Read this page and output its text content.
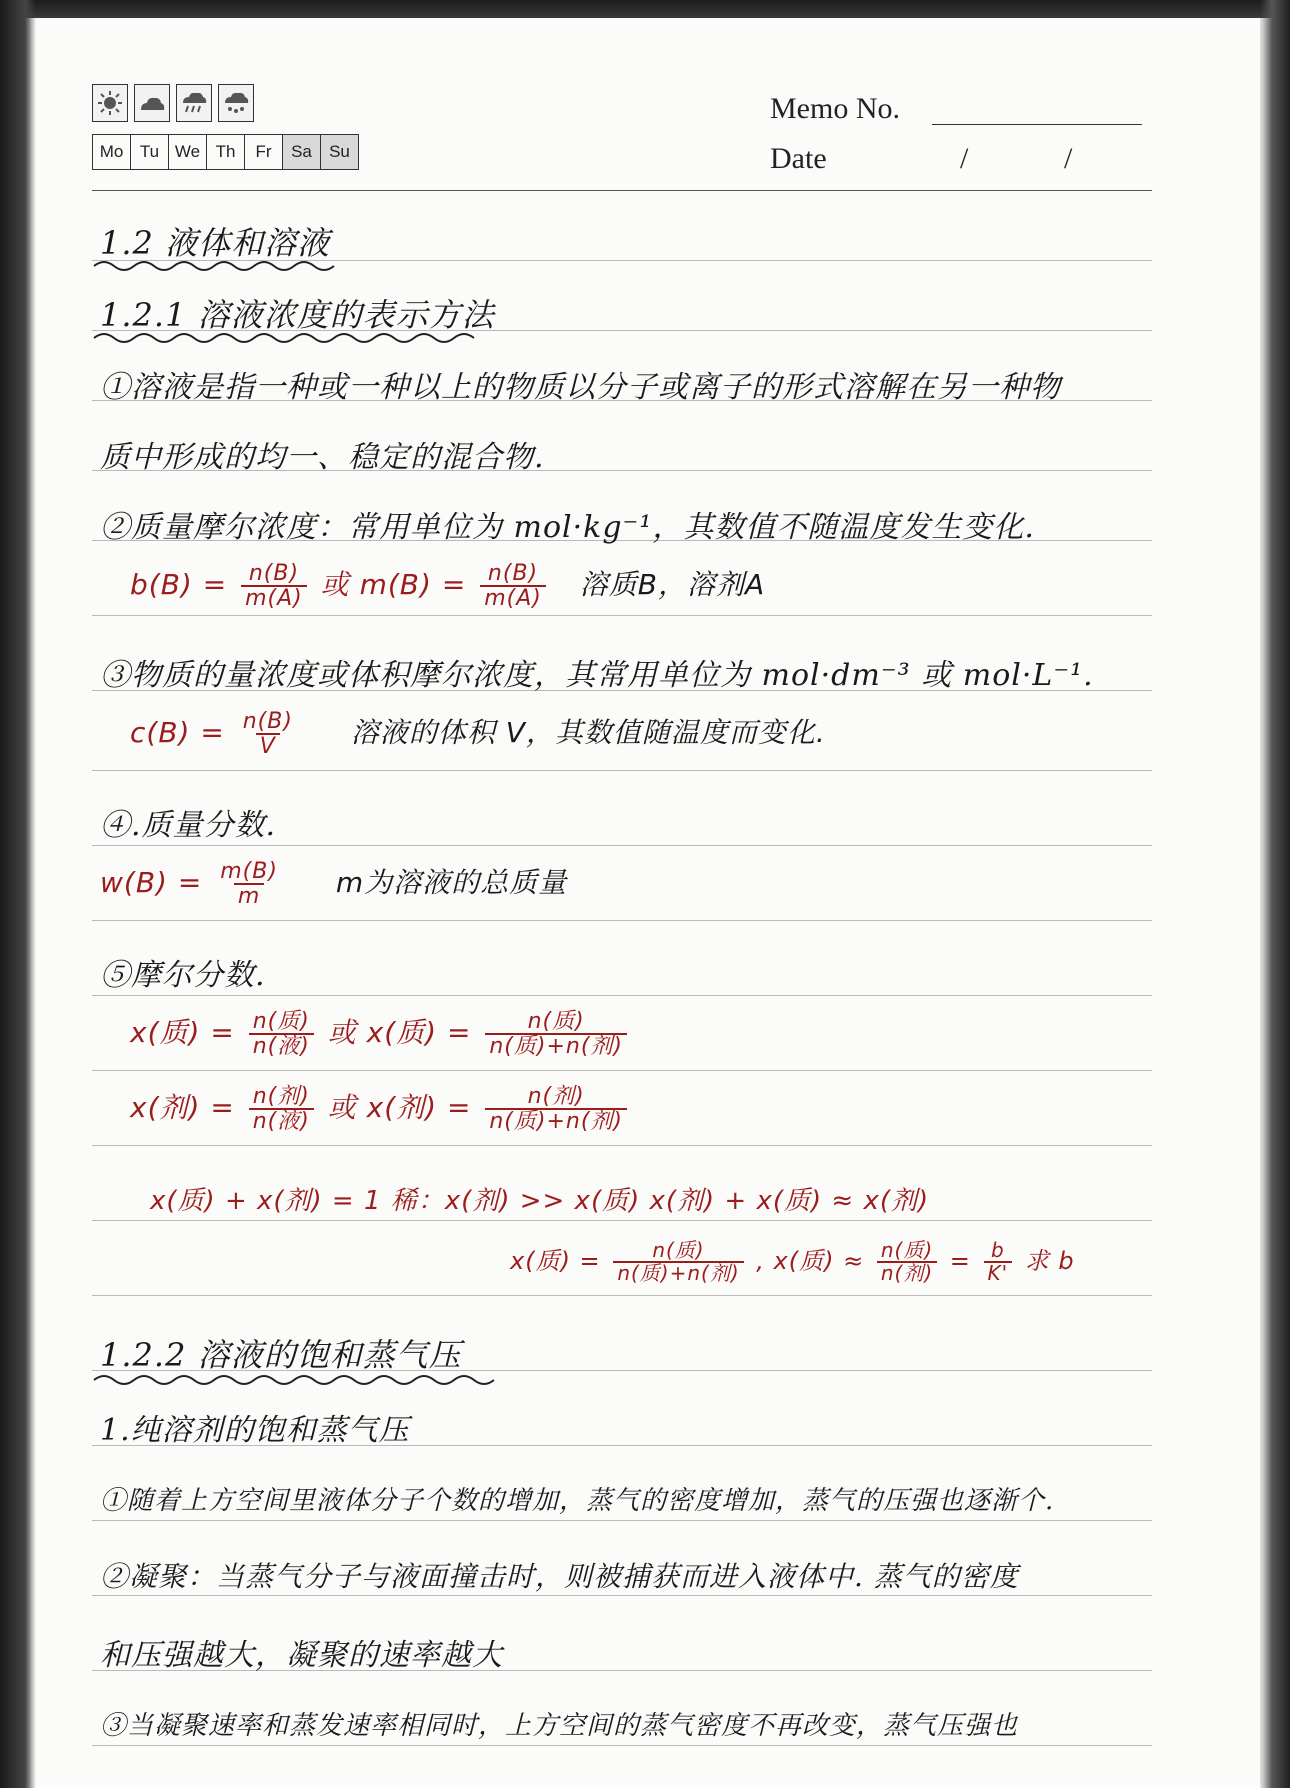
Mo Tu We Th	Fr	Sa	Su
Memo No.
Date	/	/
1.2 液体和溶液
1.2.1 溶液浓度的表示方法
①溶液是指一种或一种以上的物质以分子或离子的形式溶解在另一种物
质中形成的均一、稳定的混合物.
②质量摩尔浓度：常用单位为 mol·kg⁻¹，其数值不随温度发生变化.
$b(B) = \frac{n(B)}{m(A)}$ 或 $m(B) = \frac{n(B)}{m(A)}$ 溶质B，溶剂A
③物质的量浓度或体积摩尔浓度，其常用单位为 mol·dm⁻³ 或 mol·L⁻¹.
$c(B) = \frac{n(B)}{V}$ 溶液的体积 V，其数值随温度而变化.
④.质量分数.
$w(B) = \frac{m(B)}{m}$ m为溶液的总质量
⑤摩尔分数.
x(质) = $\frac{\text{n(质)}}{\text{n(液)}}$ 或 x(质) = $\frac{\text{n(质)}}{\text{n(质)+n(剂)}}$
x(剂) = $\frac{\text{n(剂)}}{\text{n(液)}}$ 或 x(剂) = $\frac{\text{n(剂)}}{\text{n(质)+n(剂)}}$
x(质) + x(剂) = 1 稀：x(剂) >> x(质) x(剂) + x(质) ≈ x(剂)
x(质) = $\frac{\text{n(质)}}{\text{n(质)+n(剂)}}$ , x(质) ≈ $\frac{\text{n(质)}}{\text{n(剂)}} = \frac{b}{K'}$ 求 b
1.2.2 溶液的饱和蒸气压
1.纯溶剂的饱和蒸气压
①随着上方空间里液体分子个数的增加，蒸气的密度增加，蒸气的压强也逐渐个.
②凝聚：当蒸气分子与液面撞击时，则被捕获而进入液体中. 蒸气的密度
和压强越大，凝聚的速率越大
③当凝聚速率和蒸发速率相同时，上方空间的蒸气密度不再改变，蒸气压强也
